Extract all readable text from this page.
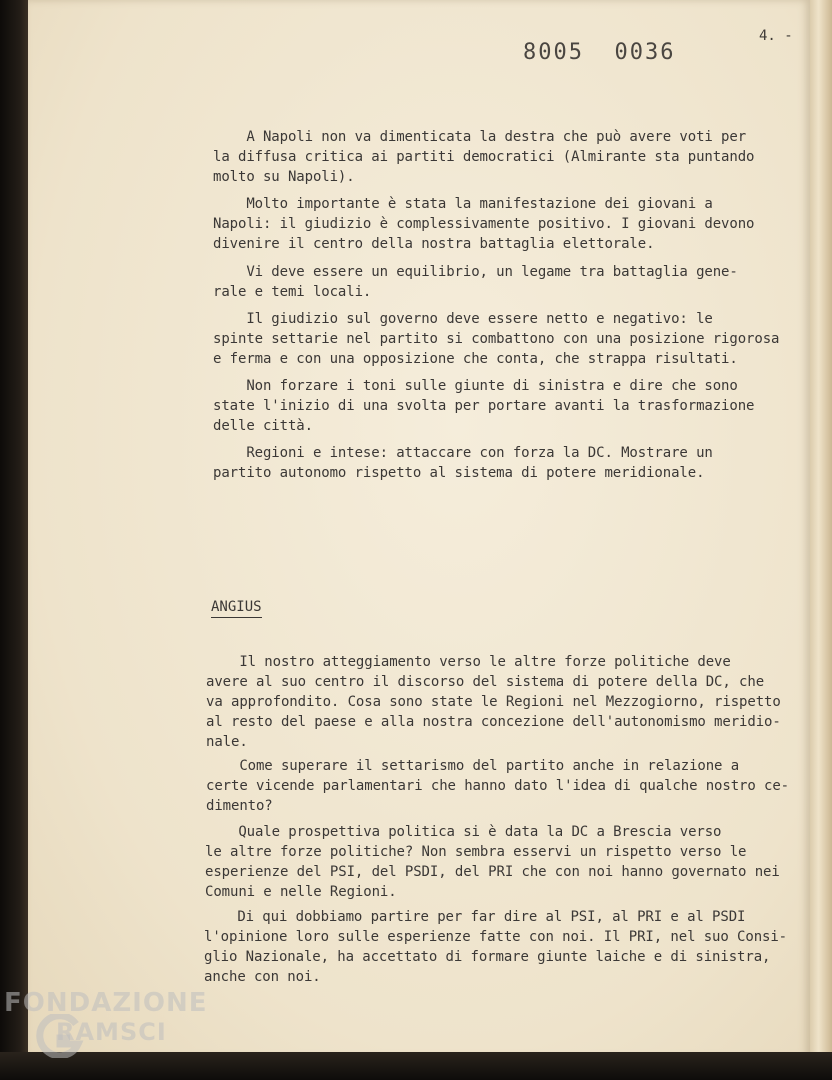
8005  0036
4. -

A Napoli non va dimenticata la destra che può avere voti per
la diffusa critica ai partiti democratici (Almirante sta puntando
molto su Napoli).

Molto importante è stata la manifestazione dei giovani a
Napoli: il giudizio è complessivamente positivo. I giovani devono
divenire il centro della nostra battaglia elettorale.

Vi deve essere un equilibrio, un legame tra battaglia gene-
rale e temi locali.

Il giudizio sul governo deve essere netto e negativo: le
spinte settarie nel partito si combattono con una posizione rigorosa
e ferma e con una opposizione che conta, che strappa risultati.

Non forzare i toni sulle giunte di sinistra e dire che sono
state l'inizio di una svolta per portare avanti la trasformazione
delle città.

Regioni e intese: attaccare con forza la DC. Mostrare un
partito autonomo rispetto al sistema di potere meridionale.

ANGIUS

Il nostro atteggiamento verso le altre forze politiche deve
avere al suo centro il discorso del sistema di potere della DC, che
va approfondito. Cosa sono state le Regioni nel Mezzogiorno, rispetto
al resto del paese e alla nostra concezione dell'autonomismo meridio-
nale.

Come superare il settarismo del partito anche in relazione a
certe vicende parlamentari che hanno dato l'idea di qualche nostro ce-
dimento?

Quale prospettiva politica si è data la DC a Brescia verso
le altre forze politiche? Non sembra esservi un rispetto verso le
esperienze del PSI, del PSDI, del PRI che con noi hanno governato nei
Comuni e nelle Regioni.

Di qui dobbiamo partire per far dire al PSI, al PRI e al PSDI
l'opinione loro sulle esperienze fatte con noi. Il PRI, nel suo Consi-
glio Nazionale, ha accettato di formare giunte laiche e di sinistra,
anche con noi.

FONDAZIONE
RAMSCI
